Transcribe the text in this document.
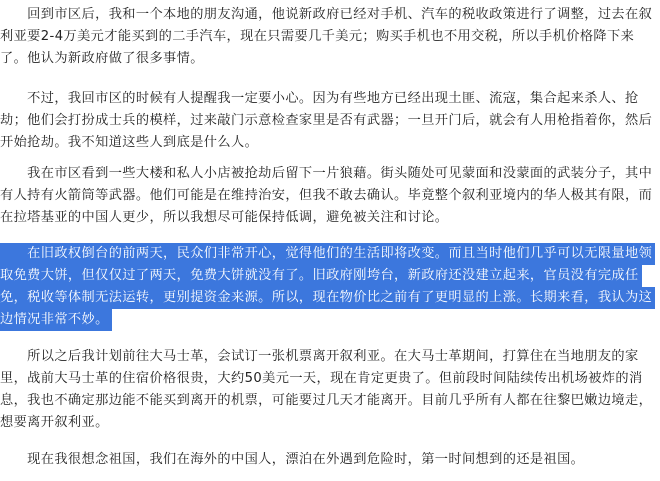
　　回到市区后，我和一个本地的朋友沟通，他说新政府已经对手机、汽车的税收政策进行了调整，过去在叙
利亚要2-4万美元才能买到的二手汽车，现在只需要几千美元；购买手机也不用交税，所以手机价格降下来
了。他认为新政府做了很多事情。
　　不过，我回市区的时候有人提醒我一定要小心。因为有些地方已经出现土匪、流寇，集合起来杀人、抢
劫；他们会打扮成士兵的模样，过来敲门示意检查家里是否有武器；一旦开门后，就会有人用枪指着你，然后
开始抢劫。我不知道这些人到底是什么人。
　　我在市区看到一些大楼和私人小店被抢劫后留下一片狼藉。街头随处可见蒙面和没蒙面的武装分子，其中
有人持有火箭筒等武器。他们可能是在维持治安，但我不敢去确认。毕竟整个叙利亚境内的华人极其有限，而
在拉塔基亚的中国人更少，所以我想尽可能保持低调，避免被关注和讨论。
　　在旧政权倒台的前两天，民众们非常开心，觉得他们的生活即将改变。而且当时他们几乎可以无限量地领
取免费大饼，但仅仅过了两天，免费大饼就没有了。旧政府刚垮台，新政府还没建立起来，官员没有完成任
免，税收等体制无法运转，更别提资金来源。所以，现在物价比之前有了更明显的上涨。长期来看，我认为这
边情况非常不妙。
　　所以之后我计划前往大马士革，会试订一张机票离开叙利亚。在大马士革期间，打算住在当地朋友的家
里，战前大马士革的住宿价格很贵，大约50美元一天，现在肯定更贵了。但前段时间陆续传出机场被炸的消
息，我也不确定那边能不能买到离开的机票，可能要过几天才能离开。目前几乎所有人都在往黎巴嫩边境走，
想要离开叙利亚。
　　现在我很想念祖国，我们在海外的中国人，漂泊在外遇到危险时，第一时间想到的还是祖国。
